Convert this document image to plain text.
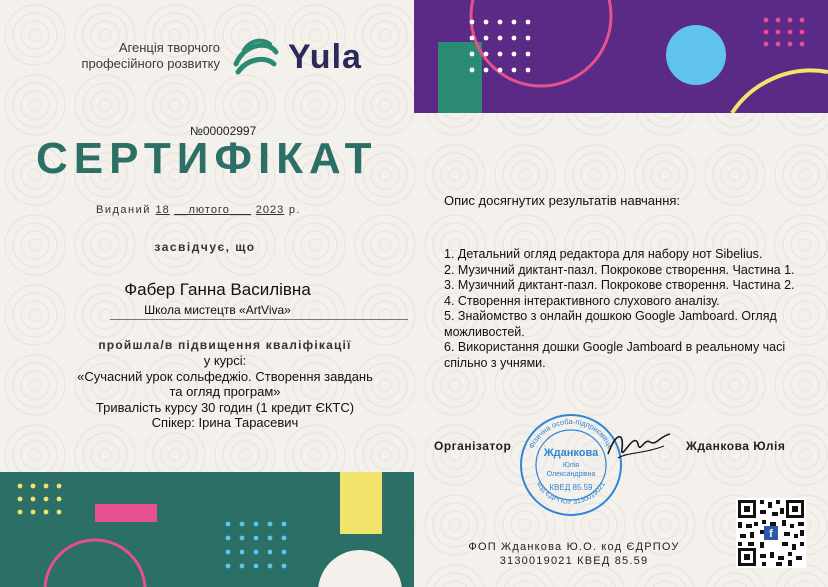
Агенція творчого
професійного розвитку Yula
№00002997
СЕРТИФІКАТ
Виданий 18 __лютого___ 2023 р.
засвідчує, що
Фабер Ганна Василівна
Школа мистецтв «ArtViva»
пройшла/в підвищення кваліфікації
у курсі:
«Сучасний урок сольфеджіо. Створення завдань
та огляд програм»
Тривалість курсу 30 годин (1 кредит ЄКТС)
Спікер: Ірина Тарасевич
Опис досягнутих результатів навчання:
1. Детальний огляд редактора для набору нот Sibelius.
2. Музичний диктант-пазл. Покрокове створення. Частина 1.
3. Музичний диктант-пазл. Покрокове створення. Частина 2.
4. Створення інтерактивного слухового аналізу.
5. Знайомство з онлайн дошкою Google Jamboard. Огляд можливостей.
6. Використання дошки Google Jamboard в реальному часі спільно з учнями.
Організатор	Жданкова Юлія
Фізична особа-підприємець
код ЄДРПОУ 3130019021
Жданкова
Юлія
Олександрівна
КВЕД 85.59
ФОП Жданкова Ю.О. код ЄДРПОУ
3130019021 КВЕД 85.59
f
